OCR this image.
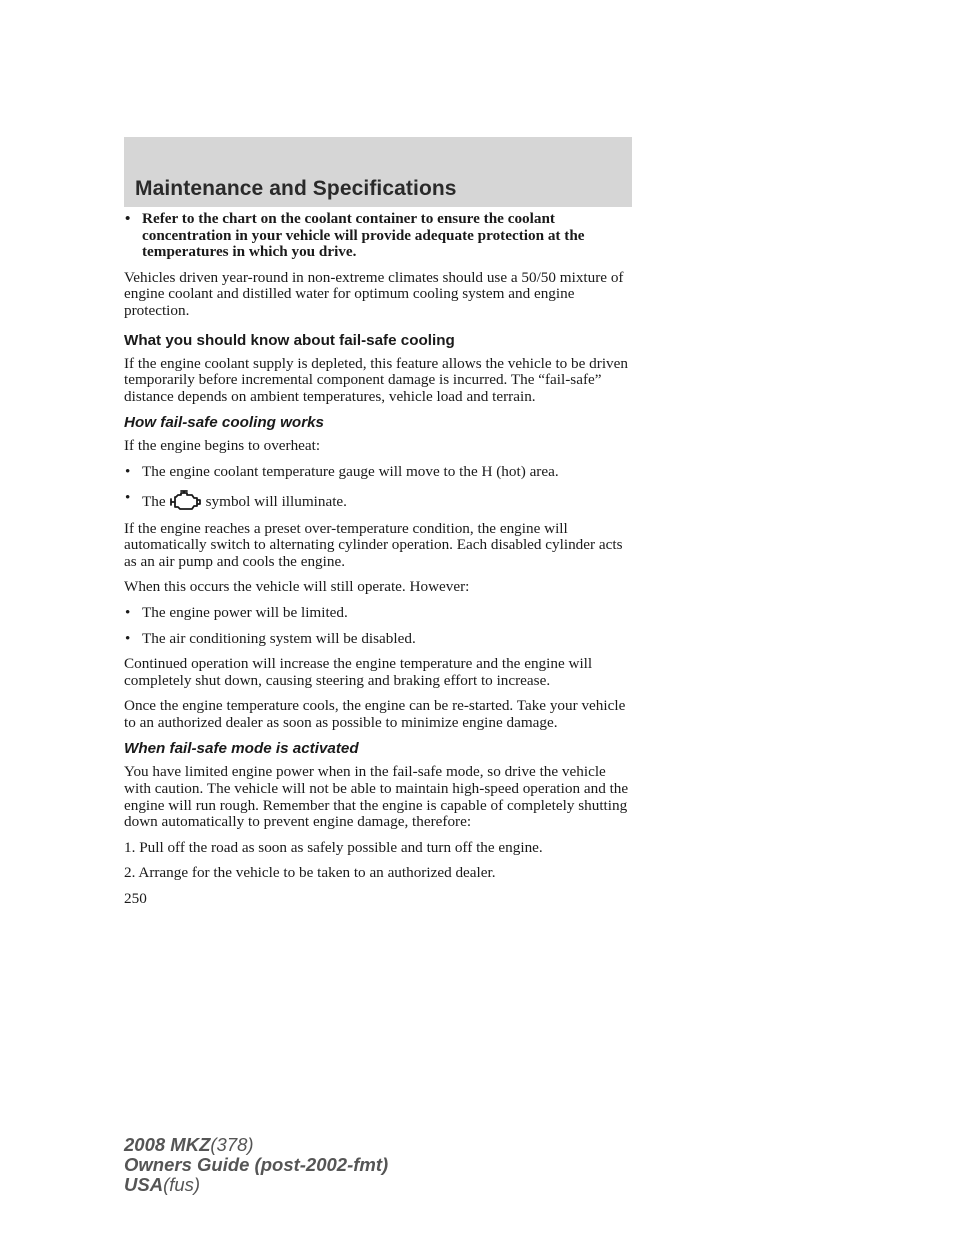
Maintenance and Specifications
• Refer to the chart on the coolant container to ensure the coolant concentration in your vehicle will provide adequate protection at the temperatures in which you drive.

Vehicles driven year-round in non-extreme climates should use a 50/50 mixture of engine coolant and distilled water for optimum cooling system and engine protection.

What you should know about fail-safe cooling

If the engine coolant supply is depleted, this feature allows the vehicle to be driven temporarily before incremental component damage is incurred. The “fail-safe” distance depends on ambient temperatures, vehicle load and terrain.

How fail-safe cooling works

If the engine begins to overheat:

• The engine coolant temperature gauge will move to the H (hot) area.
• The	symbol will illuminate.

If the engine reaches a preset over-temperature condition, the engine will automatically switch to alternating cylinder operation. Each disabled cylinder acts as an air pump and cools the engine.

When this occurs the vehicle will still operate. However:

• The engine power will be limited.
• The air conditioning system will be disabled.

Continued operation will increase the engine temperature and the engine will completely shut down, causing steering and braking effort to increase.

Once the engine temperature cools, the engine can be re-started. Take your vehicle to an authorized dealer as soon as possible to minimize engine damage.

When fail-safe mode is activated

You have limited engine power when in the fail-safe mode, so drive the vehicle with caution. The vehicle will not be able to maintain high-speed operation and the engine will run rough. Remember that the engine is capable of completely shutting down automatically to prevent engine damage, therefore:

1. Pull off the road as soon as safely possible and turn off the engine.

2. Arrange for the vehicle to be taken to an authorized dealer.

250
2008 MKZ(378)
Owners Guide (post-2002-fmt)
USA(fus)
